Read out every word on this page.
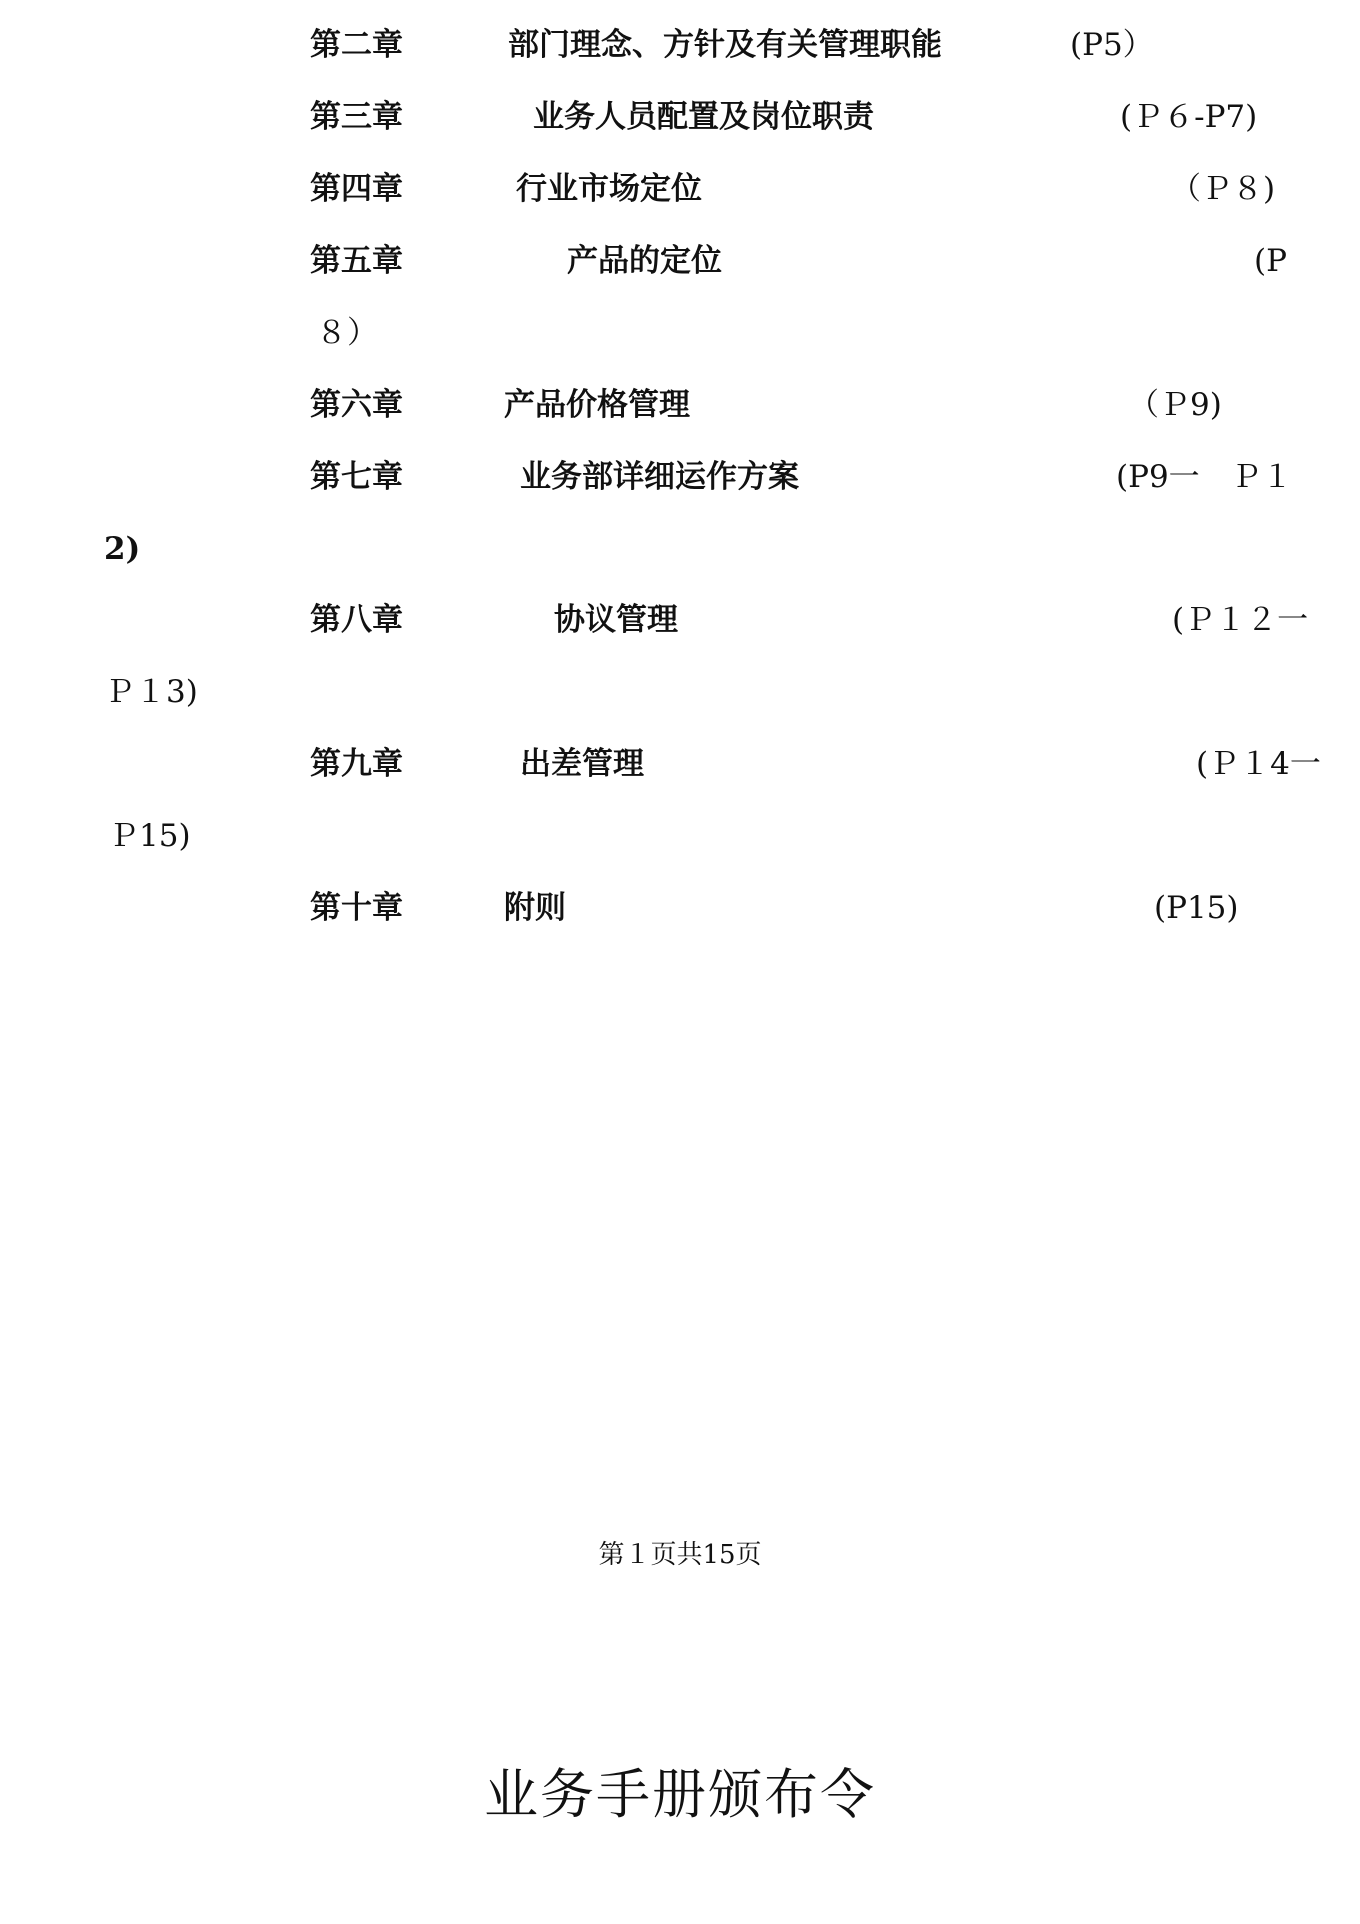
第二章	部门理念、方针及有关管理职能	(P5）
第三章	业务人员配置及岗位职责	(Ｐ６-P7)
第四章	行业市场定位	（Ｐ８)
第五章	产品的定位	(P
８）
第六章	产品价格管理	（Ｐ9)
第七章	业务部详细运作方案	(P9一　Ｐ１
2)
第八章	协议管理	(Ｐ１２一
Ｐ１3)
第九章	出差管理	(Ｐ１4一
Ｐ15)
第十章	附则	(P15)
第１页共15页
业务手册颁布令
